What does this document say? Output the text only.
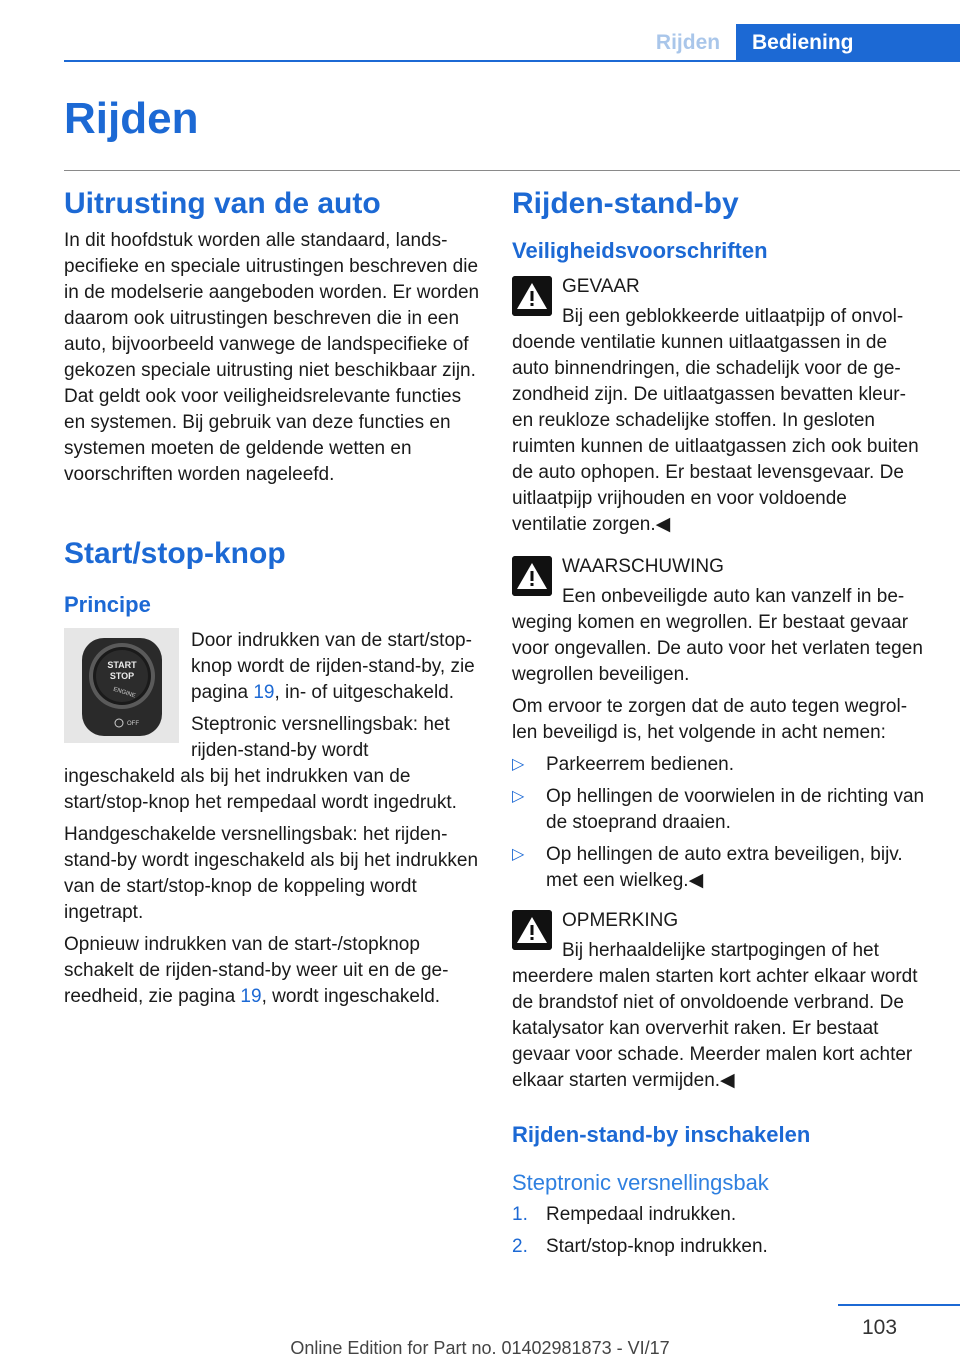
Rijden	Bediening
Rijden
Uitrusting van de auto

In dit hoofdstuk worden alle standaard, landspecifieke en speciale uitrustingen beschreven die in de modelserie aangeboden worden. Er worden daarom ook uitrustingen beschreven die in een auto, bijvoorbeeld vanwege de landspecifieke of gekozen speciale uitrusting niet beschikbaar zijn. Dat geldt ook voor veiligheidsrelevante functies en systemen. Bij gebruik van deze functies en systemen moeten de geldende wetten en voorschriften worden nageleefd.

Start/stop-knop
Principe
START
STOP
ENGINE
OFF

Door indrukken van de start/stop-knop wordt de rijden-stand-by, zie pagina 19, in- of uitgeschakeld.

Steptronic versnellingsbak: het rijden-stand-by wordt ingeschakeld als bij het indrukken van de start/stop-knop het rempedaal wordt ingedrukt.

Handgeschakelde versnellingsbak: het rijden-stand-by wordt ingeschakeld als bij het indrukken van de start/stop-knop de koppeling wordt ingetrapt.

Opnieuw indrukken van de start-/stopknop schakelt de rijden-stand-by weer uit en de gereedheid, zie pagina 19, wordt ingeschakeld.

Rijden-stand-by
Veiligheidsvoorschriften

GEVAAR

Bij een geblokkeerde uitlaatpijp of onvoldoende ventilatie kunnen uitlaatgassen in de auto binnendringen, die schadelijk voor de gezondheid zijn. De uitlaatgassen bevatten kleur- en reukloze schadelijke stoffen. In gesloten ruimten kunnen de uitlaatgassen zich ook buiten de auto ophopen. Er bestaat levensgevaar. De uitlaatpijp vrijhouden en voor voldoende ventilatie zorgen.◀

WAARSCHUWING

Een onbeveiligde auto kan vanzelf in beweging komen en wegrollen. Er bestaat gevaar voor ongevallen. De auto voor het verlaten tegen wegrollen beveiligen.

Om ervoor te zorgen dat de auto tegen wegrollen beveiligd is, het volgende in acht nemen:

▷ Parkeerrem bedienen.
▷ Op hellingen de voorwielen in de richting van de stoeprand draaien.
▷ Op hellingen de auto extra beveiligen, bijv. met een wielkeg.◀

OPMERKING

Bij herhaaldelijke startpogingen of het meerdere malen starten kort achter elkaar wordt de brandstof niet of onvoldoende verbrand. De katalysator kan oververhit raken. Er bestaat gevaar voor schade. Meerder malen kort achter elkaar starten vermijden.◀

Rijden-stand-by inschakelen
Steptronic versnellingsbak
1. Rempedaal indrukken.
2. Start/stop-knop indrukken.
103
Online Edition for Part no. 01402981873 - VI/17
